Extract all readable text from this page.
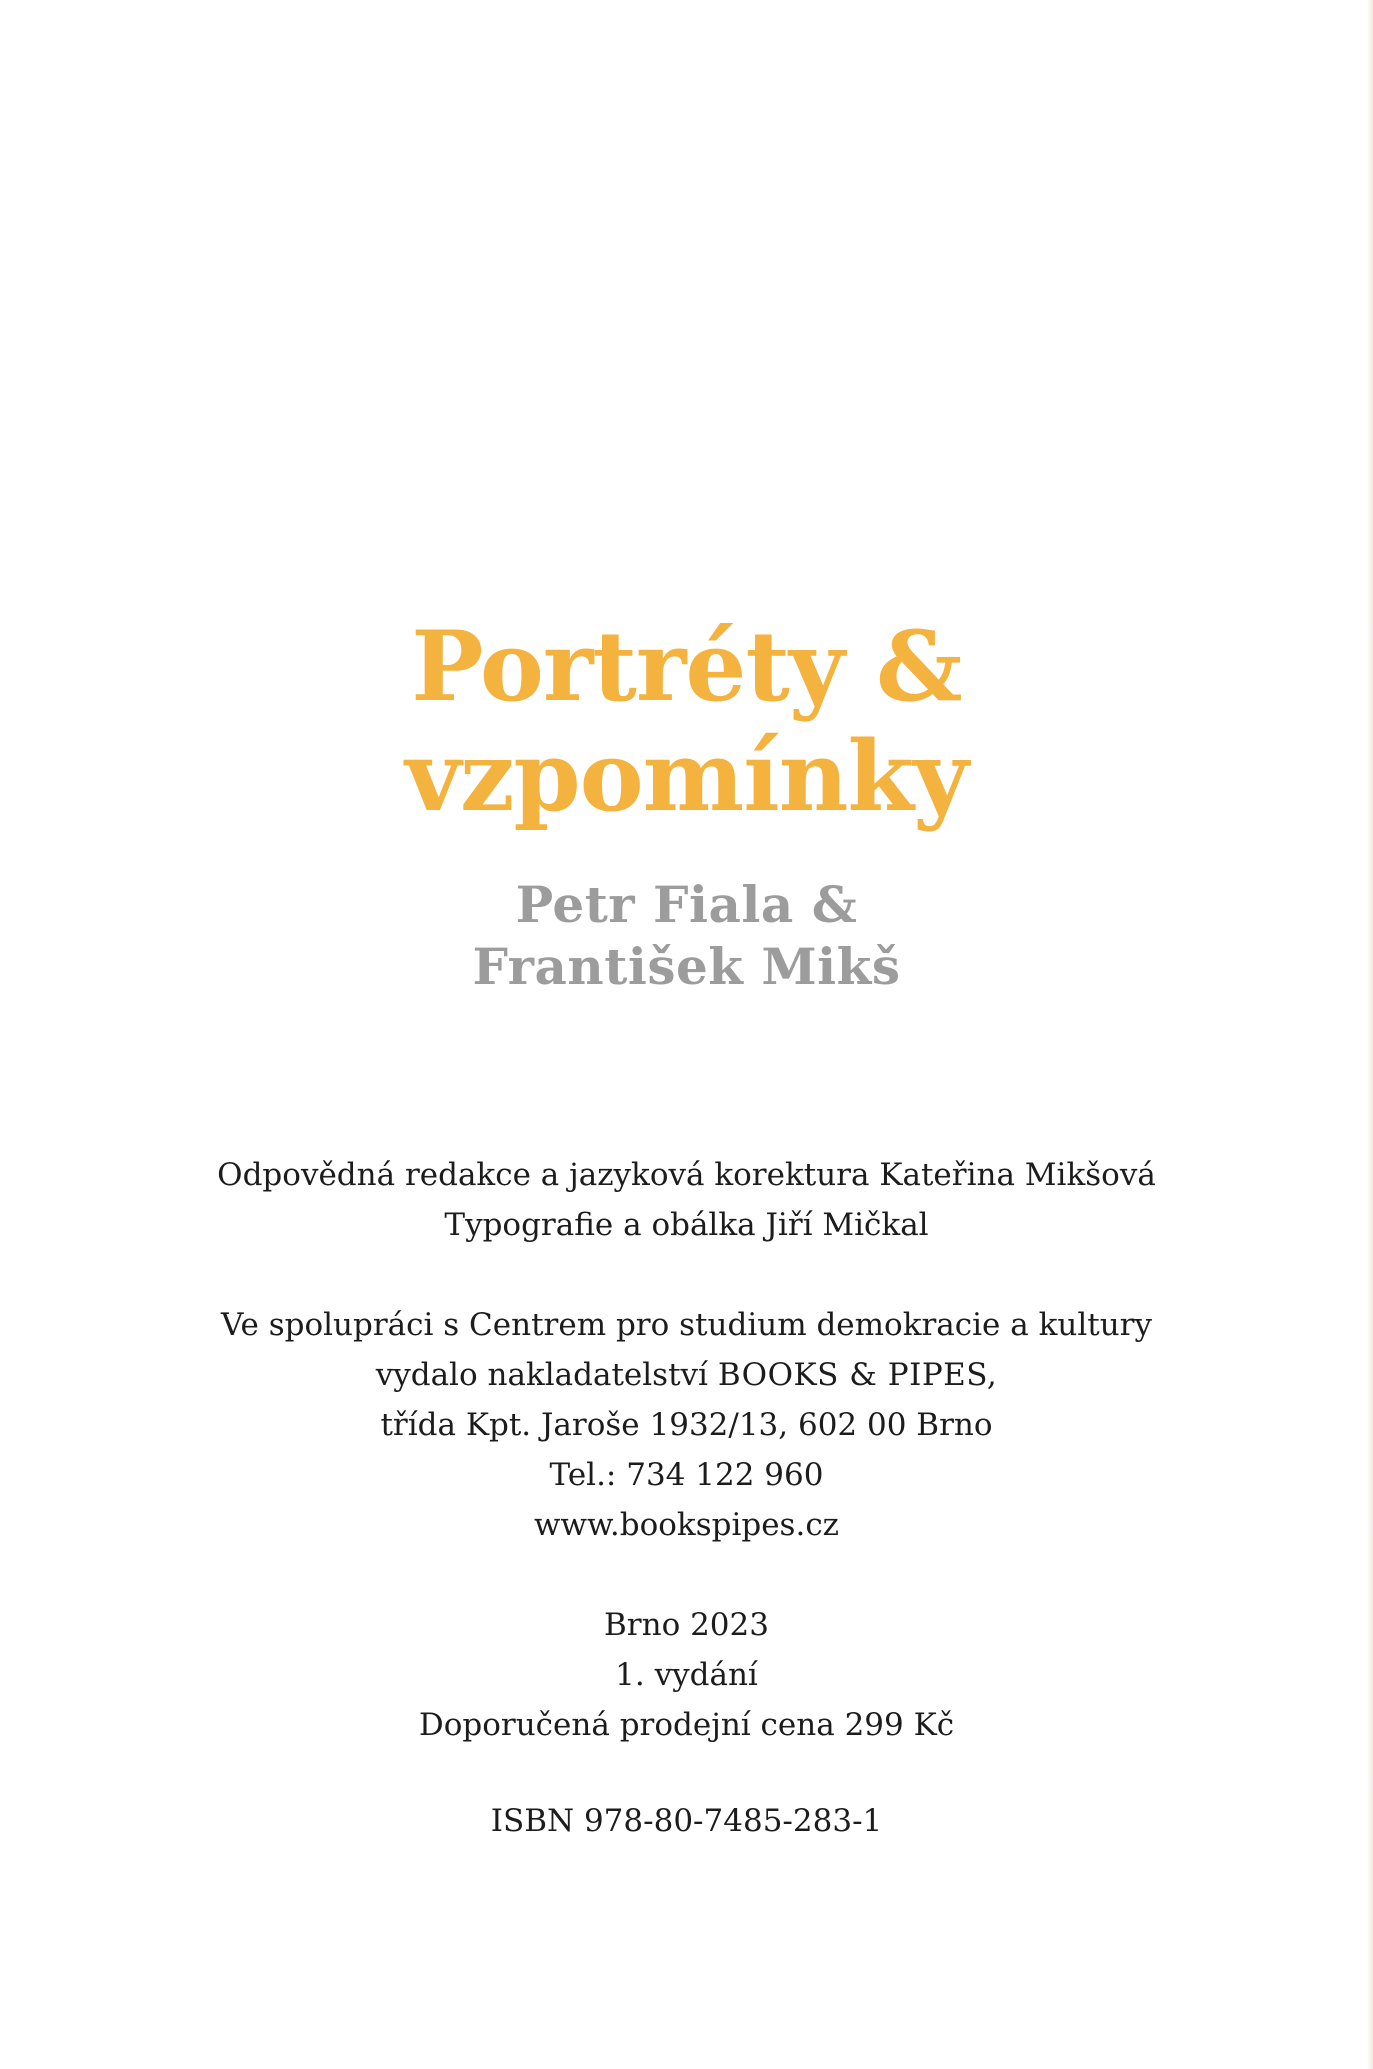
Portréty &
vzpomínky
Petr Fiala &
František Mikš
Odpovědná redakce a jazyková korektura Kateřina Mikšová
Typografie a obálka Jiří Mičkal
Ve spolupráci s Centrem pro studium demokracie a kultury
vydalo nakladatelství BOOKS & PIPES,
třída Kpt. Jaroše 1932/13, 602 00 Brno
Tel.: 734 122 960
www.bookspipes.cz
Brno 2023
1. vydání
Doporučená prodejní cena 299 Kč
ISBN 978-80-7485-283-1
